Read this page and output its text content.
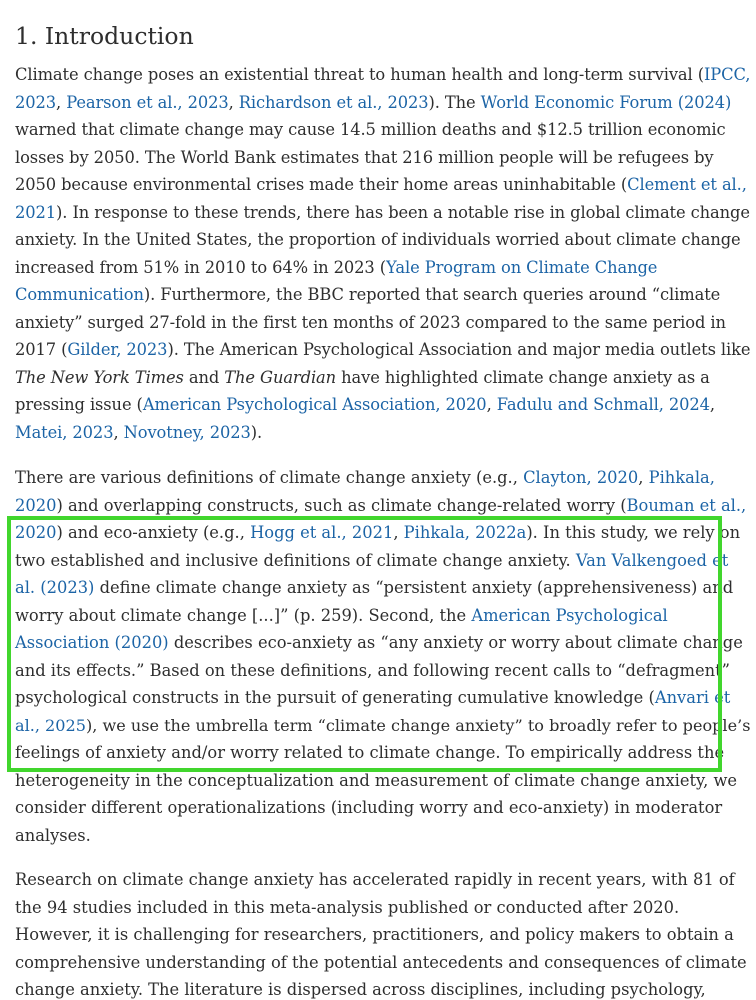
1. Introduction
Climate change poses an existential threat to human health and long-term survival (IPCC,
2023, Pearson et al., 2023, Richardson et al., 2023). The World Economic Forum (2024)
warned that climate change may cause 14.5 million deaths and $12.5 trillion economic
losses by 2050. The World Bank estimates that 216 million people will be refugees by
2050 because environmental crises made their home areas uninhabitable (Clement et al.,
2021). In response to these trends, there has been a notable rise in global climate change
anxiety. In the United States, the proportion of individuals worried about climate change
increased from 51% in 2010 to 64% in 2023 (Yale Program on Climate Change
Communication). Furthermore, the BBC reported that search queries around “climate
anxiety” surged 27-fold in the first ten months of 2023 compared to the same period in
2017 (Gilder, 2023). The American Psychological Association and major media outlets like
The New York Times and The Guardian have highlighted climate change anxiety as a
pressing issue (American Psychological Association, 2020, Fadulu and Schmall, 2024,
Matei, 2023, Novotney, 2023).
There are various definitions of climate change anxiety (e.g., Clayton, 2020, Pihkala,
2020) and overlapping constructs, such as climate change-related worry (Bouman et al.,
2020) and eco-anxiety (e.g., Hogg et al., 2021, Pihkala, 2022a). In this study, we rely on
two established and inclusive definitions of climate change anxiety. Van Valkengoed et
al. (2023) define climate change anxiety as “persistent anxiety (apprehensiveness) and
worry about climate change [...]” (p. 259). Second, the American Psychological
Association (2020) describes eco-anxiety as “any anxiety or worry about climate change
and its effects.” Based on these definitions, and following recent calls to “defragment”
psychological constructs in the pursuit of generating cumulative knowledge (Anvari et
al., 2025), we use the umbrella term “climate change anxiety” to broadly refer to people’s
feelings of anxiety and/or worry related to climate change. To empirically address the
heterogeneity in the conceptualization and measurement of climate change anxiety, we
consider different operationalizations (including worry and eco-anxiety) in moderator
analyses.
Research on climate change anxiety has accelerated rapidly in recent years, with 81 of
the 94 studies included in this meta-analysis published or conducted after 2020.
However, it is challenging for researchers, practitioners, and policy makers to obtain a
comprehensive understanding of the potential antecedents and consequences of climate
change anxiety. The literature is dispersed across disciplines, including psychology,
